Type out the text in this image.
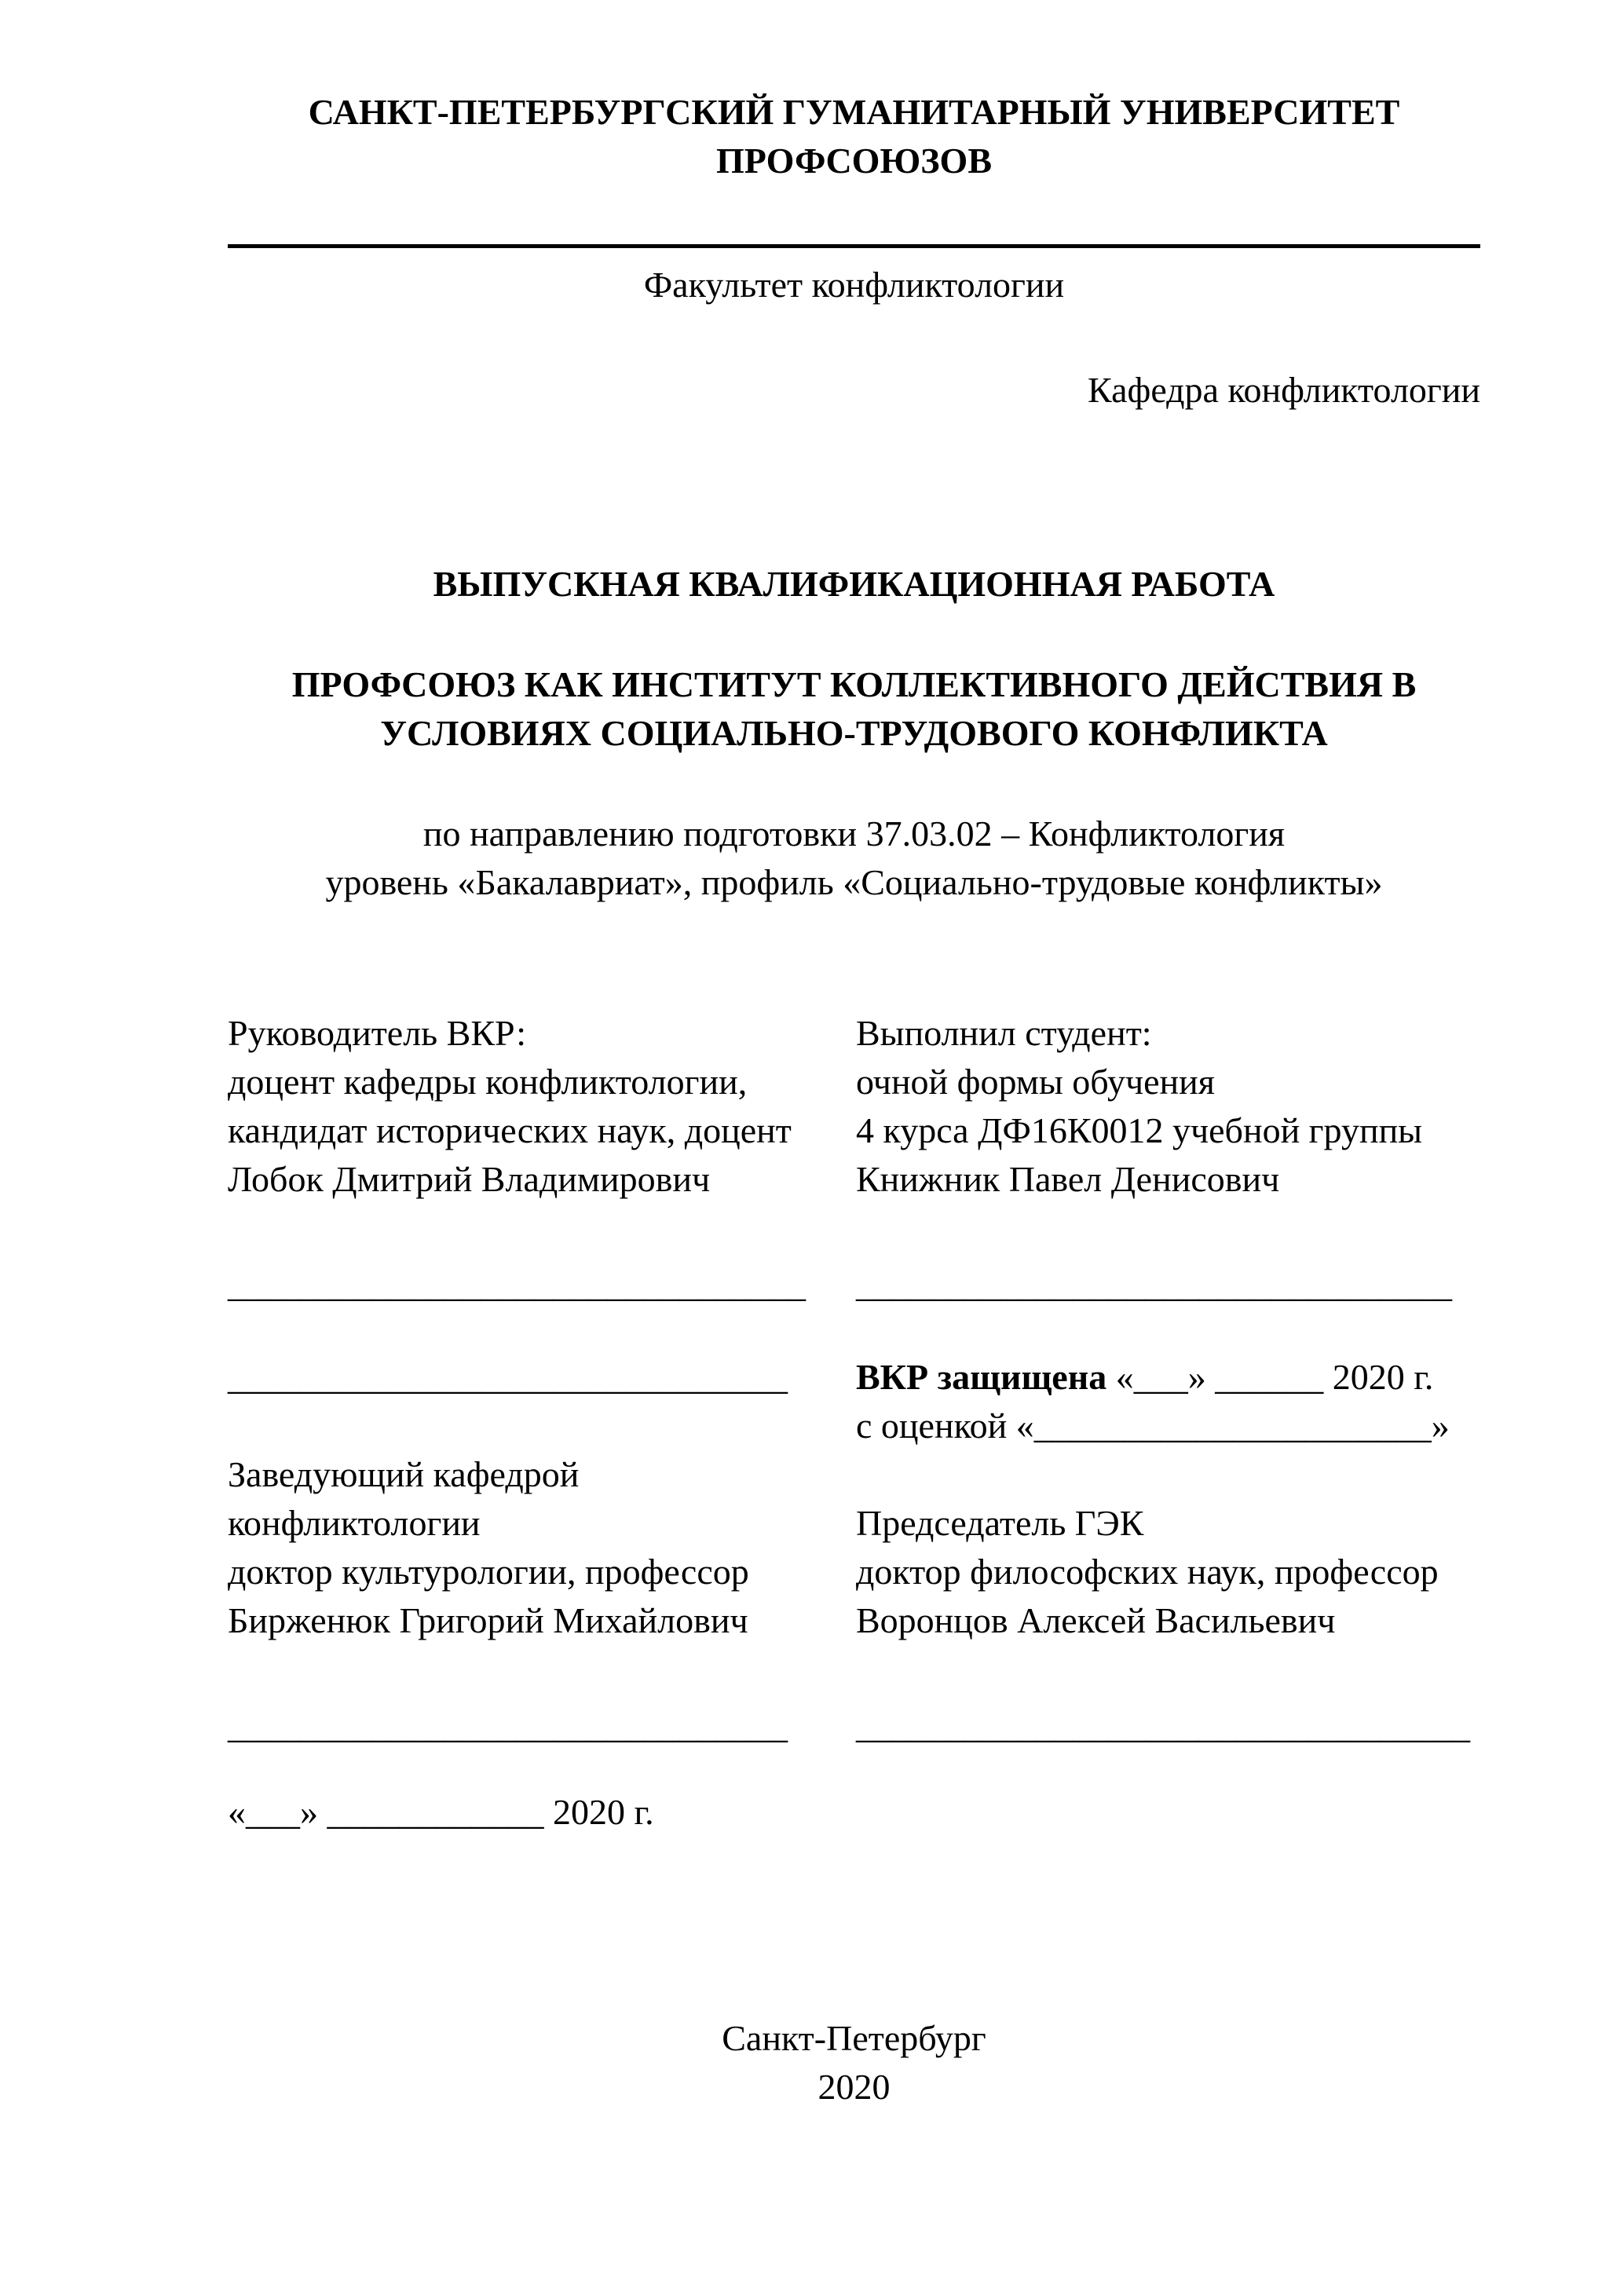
САНКТ-ПЕТЕРБУРГСКИЙ ГУМАНИТАРНЫЙ УНИВЕРСИТЕТ
ПРОФСОЮЗОВ
Факультет конфликтологии
Кафедра конфликтологии
ВЫПУСКНАЯ КВАЛИФИКАЦИОННАЯ РАБОТА
ПРОФСОЮЗ КАК ИНСТИТУТ КОЛЛЕКТИВНОГО ДЕЙСТВИЯ В
УСЛОВИЯХ СОЦИАЛЬНО-ТРУДОВОГО КОНФЛИКТА
по направлению подготовки 37.03.02 – Конфликтология
уровень «Бакалавриат», профиль «Социально-трудовые конфликты»
Руководитель ВКР:	Выполнил студент:
доцент кафедры конфликтологии,	очной формы обучения
кандидат исторических наук, доцент	4 курса ДФ16К0012 учебной группы
Лобок Дмитрий Владимирович	Книжник Павел Денисович
________________________________	_________________________________
_______________________________	ВКР защищена «___» ______ 2020 г.
с оценкой «______________________»
Заведующий кафедрой
конфликтологии	Председатель ГЭК
доктор культурологии, профессор	доктор философских наук, профессор
Бирженюк Григорий Михайлович	Воронцов Алексей Васильевич
_______________________________	__________________________________
«___» ____________ 2020 г.
Санкт-Петербург
2020
